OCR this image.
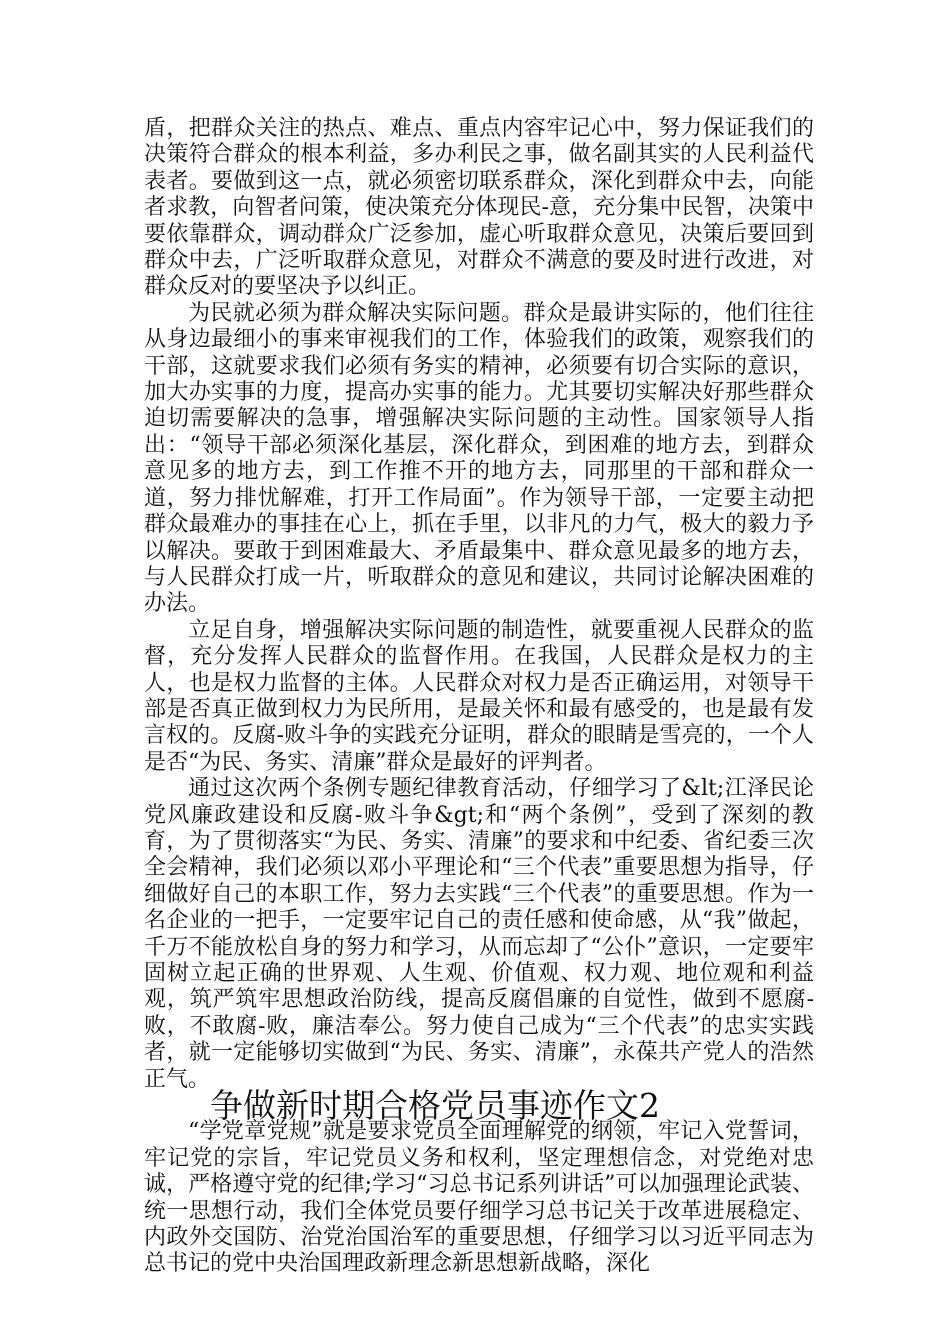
盾，把群众关注的热点、难点、重点内容牢记心中，努力保证我们的决策符合群众的根本利益，多办利民之事，做名副其实的人民利益代表者。要做到这一点，就必须密切联系群众，深化到群众中去，向能者求教，向智者问策，使决策充分体现民-意，充分集中民智，决策中要依靠群众，调动群众广泛参加，虚心听取群众意见，决策后要回到群众中去，广泛听取群众意见，对群众不满意的要及时进行改进，对群众反对的要坚决予以纠正。

为民就必须为群众解决实际问题。群众是最讲实际的，他们往往从身边最细小的事来审视我们的工作，体验我们的政策，观察我们的干部，这就要求我们必须有务实的精神，必须要有切合实际的意识，加大办实事的力度，提高办实事的能力。尤其要切实解决好那些群众迫切需要解决的急事，增强解决实际问题的主动性。国家领导人指出：“领导干部必须深化基层，深化群众，到困难的地方去，到群众意见多的地方去，到工作推不开的地方去，同那里的干部和群众一道，努力排忧解难，打开工作局面”。作为领导干部，一定要主动把群众最难办的事挂在心上，抓在手里，以非凡的力气，极大的毅力予以解决。要敢于到困难最大、矛盾最集中、群众意见最多的地方去，与人民群众打成一片，听取群众的意见和建议，共同讨论解决困难的办法。

立足自身，增强解决实际问题的制造性，就要重视人民群众的监督，充分发挥人民群众的监督作用。在我国，人民群众是权力的主人，也是权力监督的主体。人民群众对权力是否正确运用，对领导干部是否真正做到权力为民所用，是最关怀和最有感受的，也是最有发言权的。反腐-败斗争的实践充分证明，群众的眼睛是雪亮的，一个人是否“为民、务实、清廉”群众是最好的评判者。

通过这次两个条例专题纪律教育活动，仔细学习了&lt;江泽民论党风廉政建设和反腐-败斗争&gt;和“两个条例”，受到了深刻的教育，为了贯彻落实“为民、务实、清廉”的要求和中纪委、省纪委三次全会精神，我们必须以邓小平理论和“三个代表”重要思想为指导，仔细做好自己的本职工作，努力去实践“三个代表”的重要思想。作为一名企业的一把手，一定要牢记自己的责任感和使命感，从“我”做起，千万不能放松自身的努力和学习，从而忘却了“公仆”意识，一定要牢固树立起正确的世界观、人生观、价值观、权力观、地位观和利益观，筑严筑牢思想政治防线，提高反腐倡廉的自觉性，做到不愿腐-败，不敢腐-败，廉洁奉公。努力使自己成为“三个代表”的忠实实践者，就一定能够切实做到“为民、务实、清廉”，永葆共产党人的浩然正气。

争做新时期合格党员事迹作文2

“学党章党规”就是要求党员全面理解党的纲领，牢记入党誓词，牢记党的宗旨，牢记党员义务和权利，坚定理想信念，对党绝对忠诚，严格遵守党的纪律;学习“习总书记系列讲话”可以加强理论武装、统一思想行动，我们全体党员要仔细学习总书记关于改革进展稳定、内政外交国防、治党治国治军的重要思想，仔细学习以习近平同志为总书记的党中央治国理政新理念新思想新战略，深化
